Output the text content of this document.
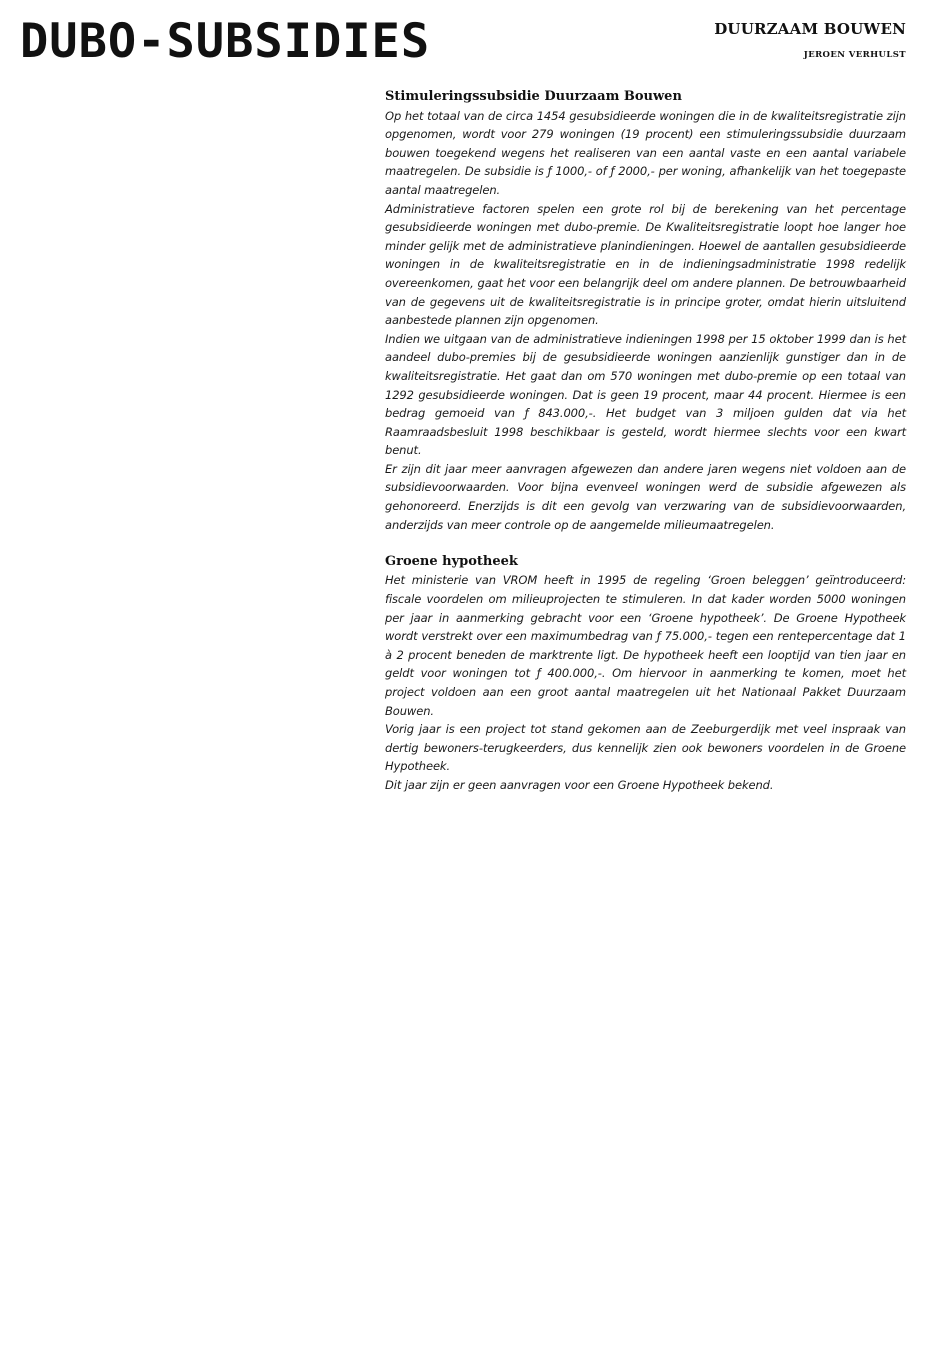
DUBO-SUBSIDIES	DUURZAAM BOUWEN
JEROEN VERHULST
Stimuleringssubsidie Duurzaam Bouwen

Op het totaal van de circa 1454 gesubsidieerde woningen die in de kwaliteitsregistratie zijn opgenomen, wordt voor 279 woningen (19 procent) een stimuleringssubsidie duurzaam bouwen toegekend wegens het realiseren van een aantal vaste en een aantal variabele maatregelen. De subsidie is ƒ 1000,- of ƒ 2000,- per woning, afhankelijk van het toegepaste aantal maatregelen.

Administratieve factoren spelen een grote rol bij de berekening van het percentage gesubsidieerde woningen met dubo-premie. De Kwaliteitsregistratie loopt hoe langer hoe minder gelijk met de administratieve planindieningen. Hoewel de aantallen gesubsidieerde woningen in de kwaliteitsregistratie en in de indieningsadministratie 1998 redelijk overeenkomen, gaat het voor een belangrijk deel om andere plannen. De betrouwbaarheid van de gegevens uit de kwaliteitsregistratie is in principe groter, omdat hierin uitsluitend aanbestede plannen zijn opgenomen.

Indien we uitgaan van de administratieve indieningen 1998 per 15 oktober 1999 dan is het aandeel dubo-premies bij de gesubsidieerde woningen aanzienlijk gunstiger dan in de kwaliteitsregistratie. Het gaat dan om 570 woningen met dubo-premie op een totaal van 1292 gesubsidieerde woningen. Dat is geen 19 procent, maar 44 procent. Hiermee is een bedrag gemoeid van ƒ 843.000,-. Het budget van 3 miljoen gulden dat via het Raamraadsbesluit 1998 beschikbaar is gesteld, wordt hiermee slechts voor een kwart benut.

Er zijn dit jaar meer aanvragen afgewezen dan andere jaren wegens niet voldoen aan de subsidievoorwaarden. Voor bijna evenveel woningen werd de subsidie afgewezen als gehonoreerd. Enerzijds is dit een gevolg van verzwaring van de subsidievoorwaarden, anderzijds van meer controle op de aangemelde milieumaatregelen.

Groene hypotheek

Het ministerie van VROM heeft in 1995 de regeling ‘Groen beleggen’ geïntroduceerd: fiscale voordelen om milieuprojecten te stimuleren. In dat kader worden 5000 woningen per jaar in aanmerking gebracht voor een ‘Groene hypotheek’. De Groene Hypotheek wordt verstrekt over een maximumbedrag van ƒ 75.000,- tegen een rentepercentage dat 1 à 2 procent beneden de marktrente ligt. De hypotheek heeft een looptijd van tien jaar en geldt voor woningen tot ƒ 400.000,-. Om hiervoor in aanmerking te komen, moet het project voldoen aan een groot aantal maatregelen uit het Nationaal Pakket Duurzaam Bouwen.

Vorig jaar is een project tot stand gekomen aan de Zeeburgerdijk met veel inspraak van dertig bewoners-terugkeerders, dus kennelijk zien ook bewoners voordelen in de Groene Hypotheek.

Dit jaar zijn er geen aanvragen voor een Groene Hypotheek bekend.
